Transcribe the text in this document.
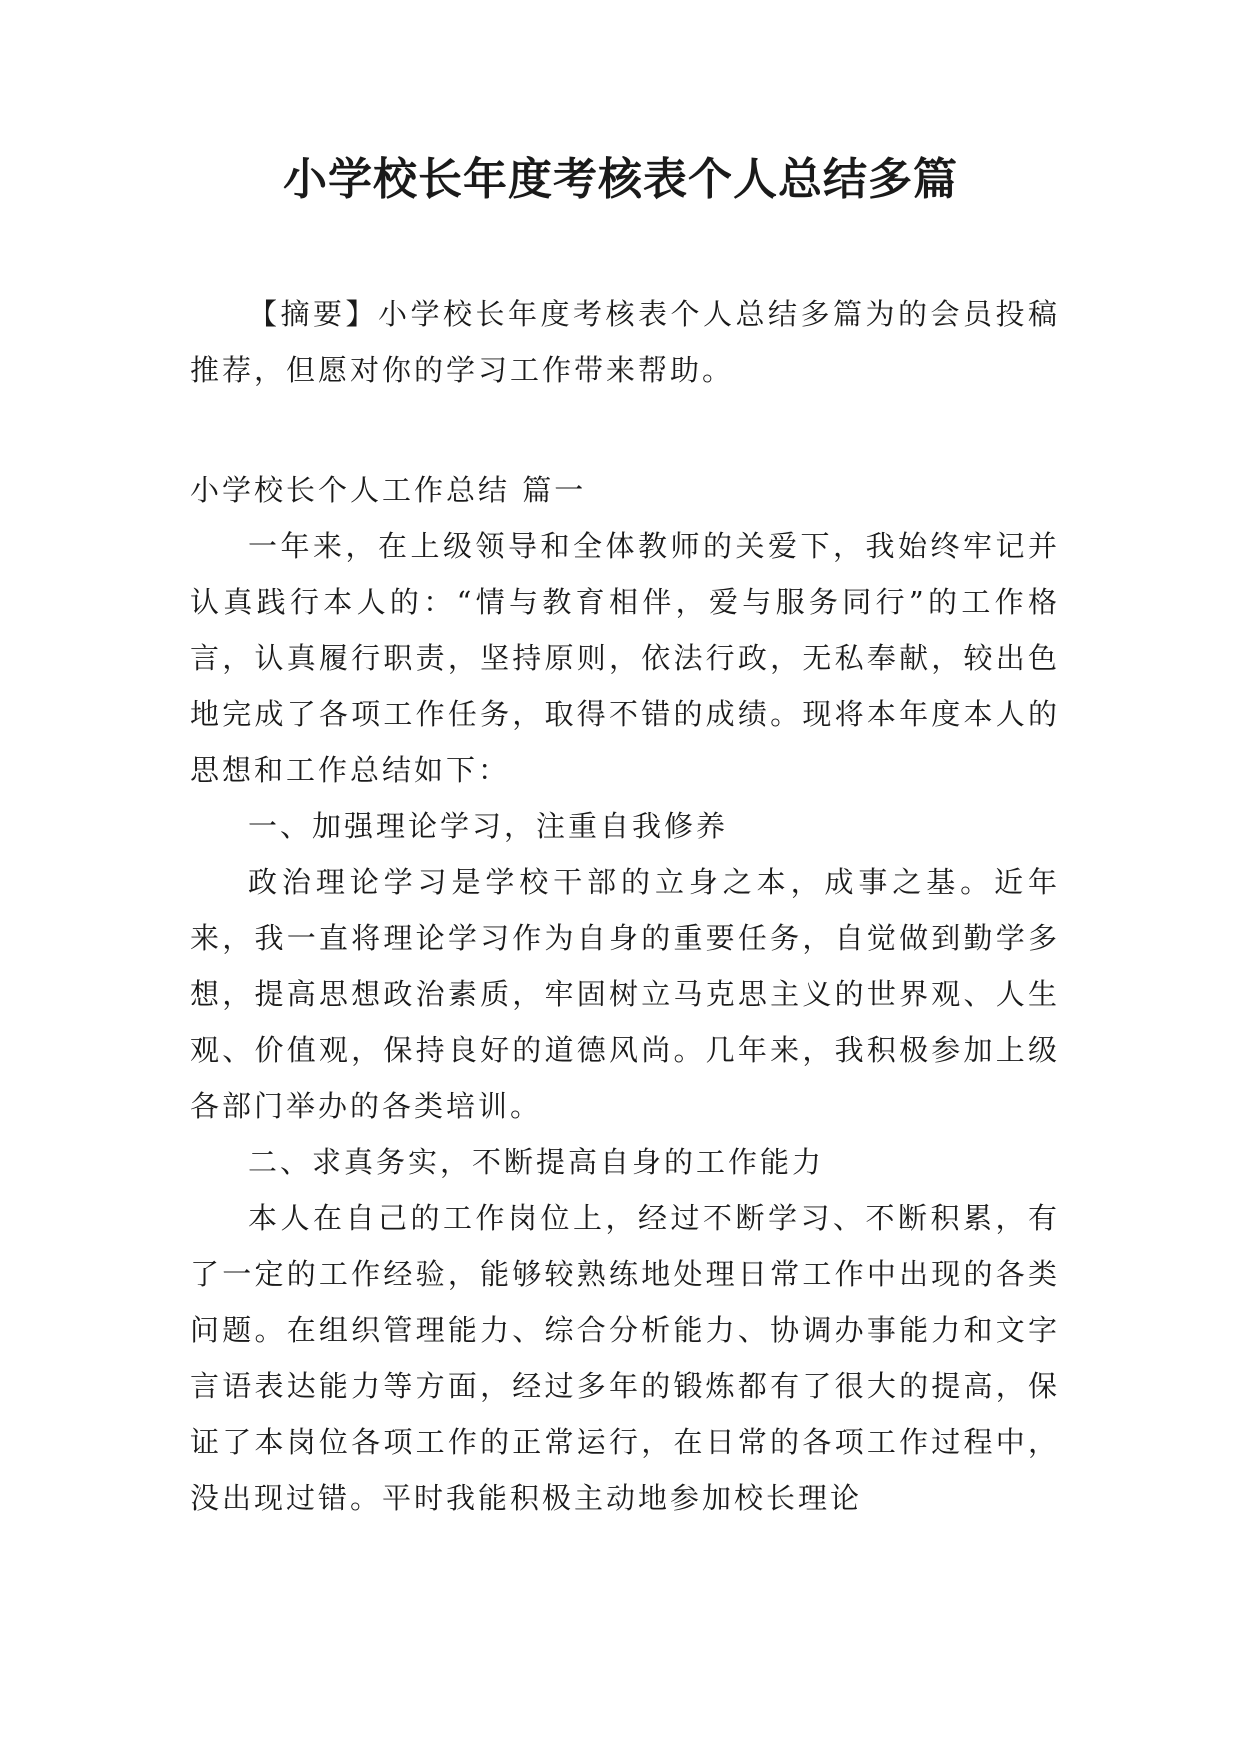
小学校长年度考核表个人总结多篇

【摘要】小学校长年度考核表个人总结多篇为的会员投稿推荐，但愿对你的学习工作带来帮助。

小学校长个人工作总结 篇一

一年来，在上级领导和全体教师的关爱下，我始终牢记并认真践行本人的：“情与教育相伴，爱与服务同行”的工作格言，认真履行职责，坚持原则，依法行政，无私奉献，较出色地完成了各项工作任务，取得不错的成绩。现将本年度本人的思想和工作总结如下：

一、加强理论学习，注重自我修养

政治理论学习是学校干部的立身之本，成事之基。近年来，我一直将理论学习作为自身的重要任务，自觉做到勤学多想，提高思想政治素质，牢固树立马克思主义的世界观、人生观、价值观，保持良好的道德风尚。几年来，我积极参加上级各部门举办的各类培训。

二、求真务实，不断提高自身的工作能力

本人在自己的工作岗位上，经过不断学习、不断积累，有了一定的工作经验，能够较熟练地处理日常工作中出现的各类问题。在组织管理能力、综合分析能力、协调办事能力和文字言语表达能力等方面，经过多年的锻炼都有了很大的提高，保证了本岗位各项工作的正常运行，在日常的各项工作过程中，没出现过错。平时我能积极主动地参加校长理论
